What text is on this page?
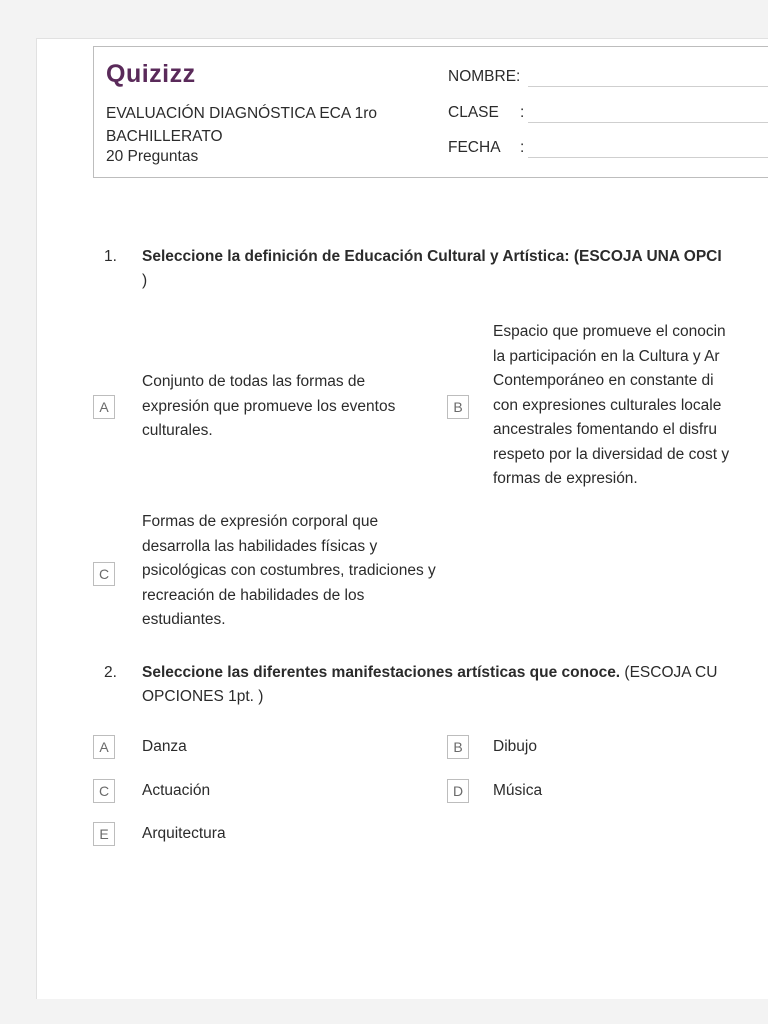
Quizizz
EVALUACIÓN DIAGNÓSTICA ECA 1ro BACHILLERATO
20 Preguntas
NOMBRE:
CLASE :
FECHA :
1. Seleccione la definición de Educación Cultural y Artística: (ESCOJA UNA OPCI
)
A
Conjunto de todas las formas de expresión que promueve los eventos culturales.
B
Espacio que promueve el conocin la participación en la Cultura y Ar Contemporáneo en constante di con expresiones culturales locale ancestrales fomentando el disfru respeto por la diversidad de cost y formas de expresión.
C
Formas de expresión corporal que desarrolla las habilidades físicas y psicológicas con costumbres, tradiciones y recreación de habilidades de los estudiantes.
2. Seleccione las diferentes manifestaciones artísticas que conoce. (ESCOJA CU
OPCIONES 1pt. )
A	Danza	B	Dibujo
C	Actuación	D	Música
E	Arquitectura
